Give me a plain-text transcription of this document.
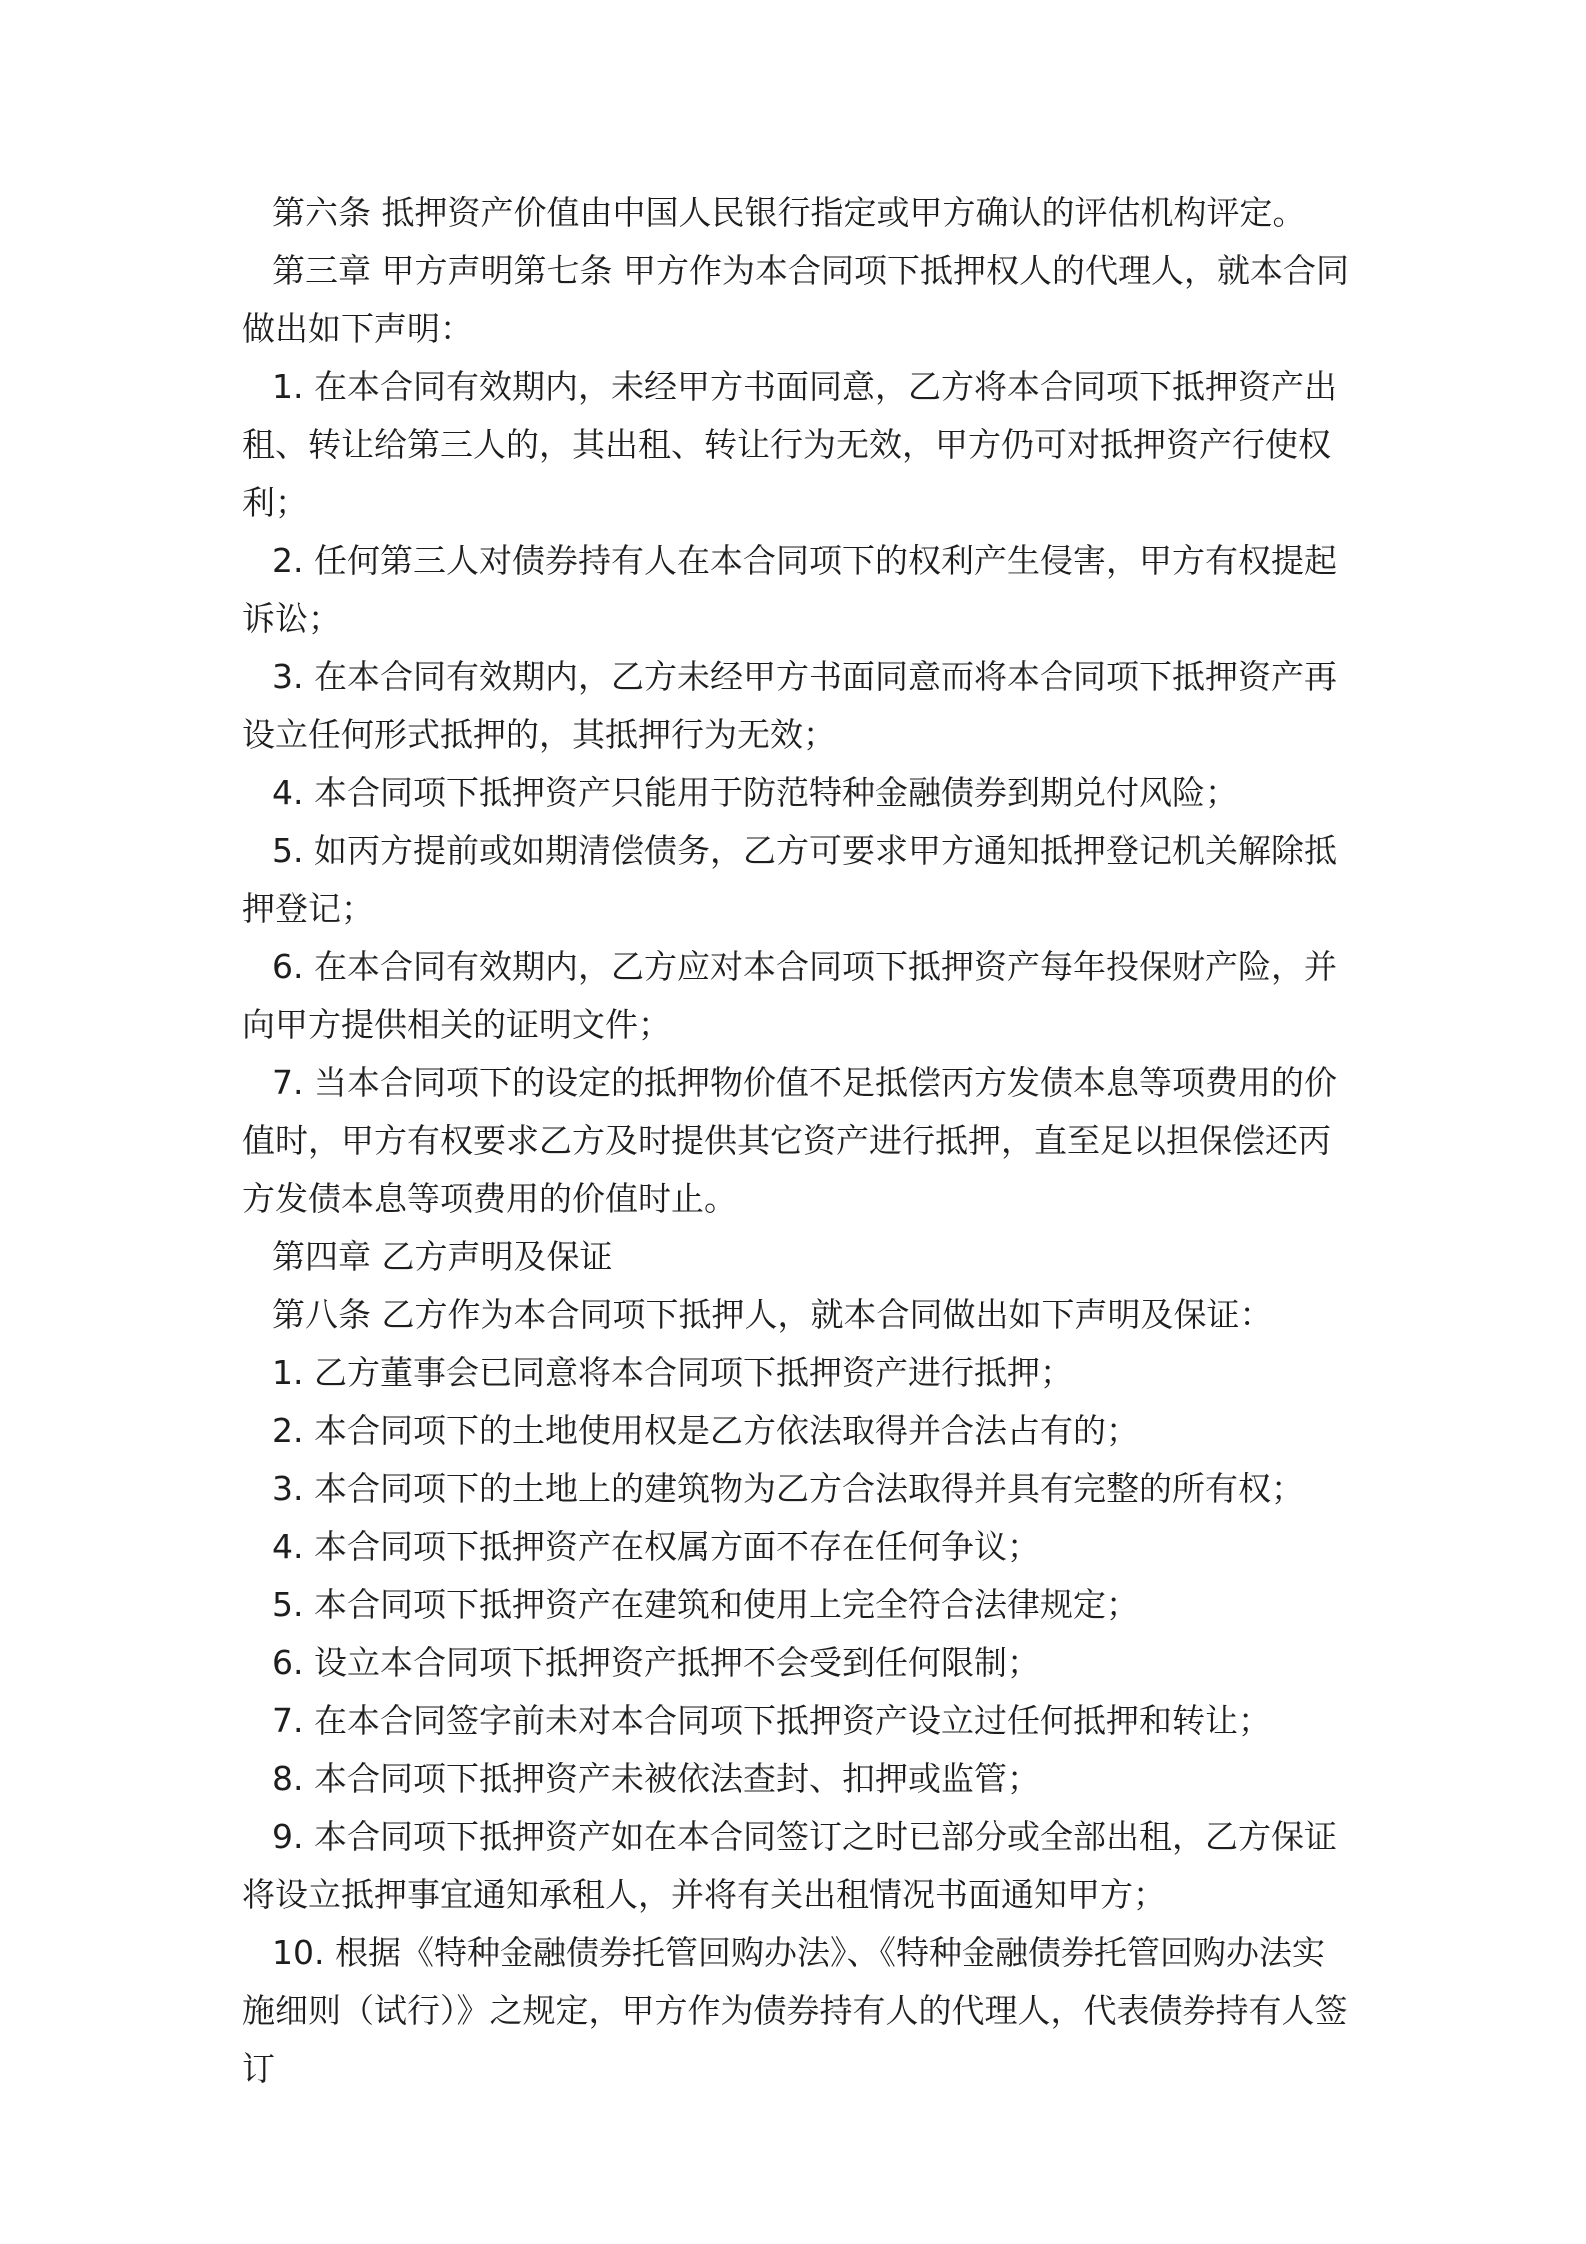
第六条 抵押资产价值由中国人民银行指定或甲方确认的评估机构评定。

第三章 甲方声明第七条 甲方作为本合同项下抵押权人的代理人，就本合同做出如下声明：

1. 在本合同有效期内，未经甲方书面同意，乙方将本合同项下抵押资产出租、转让给第三人的，其出租、转让行为无效，甲方仍可对抵押资产行使权利；

2. 任何第三人对债券持有人在本合同项下的权利产生侵害，甲方有权提起诉讼；

3. 在本合同有效期内，乙方未经甲方书面同意而将本合同项下抵押资产再设立任何形式抵押的，其抵押行为无效；

4. 本合同项下抵押资产只能用于防范特种金融债券到期兑付风险；

5. 如丙方提前或如期清偿债务，乙方可要求甲方通知抵押登记机关解除抵押登记；

6. 在本合同有效期内，乙方应对本合同项下抵押资产每年投保财产险，并向甲方提供相关的证明文件；

7. 当本合同项下的设定的抵押物价值不足抵偿丙方发债本息等项费用的价值时，甲方有权要求乙方及时提供其它资产进行抵押，直至足以担保偿还丙方发债本息等项费用的价值时止。

第四章 乙方声明及保证

第八条 乙方作为本合同项下抵押人，就本合同做出如下声明及保证：

1. 乙方董事会已同意将本合同项下抵押资产进行抵押；

2. 本合同项下的土地使用权是乙方依法取得并合法占有的；

3. 本合同项下的土地上的建筑物为乙方合法取得并具有完整的所有权；

4. 本合同项下抵押资产在权属方面不存在任何争议；

5. 本合同项下抵押资产在建筑和使用上完全符合法律规定；

6. 设立本合同项下抵押资产抵押不会受到任何限制；

7. 在本合同签字前未对本合同项下抵押资产设立过任何抵押和转让；

8. 本合同项下抵押资产未被依法查封、扣押或监管；

9. 本合同项下抵押资产如在本合同签订之时已部分或全部出租，乙方保证将设立抵押事宜通知承租人，并将有关出租情况书面通知甲方；

10. 根据《特种金融债券托管回购办法》、《特种金融债券托管回购办法实施细则（试行）》之规定，甲方作为债券持有人的代理人，代表债券持有人签订
